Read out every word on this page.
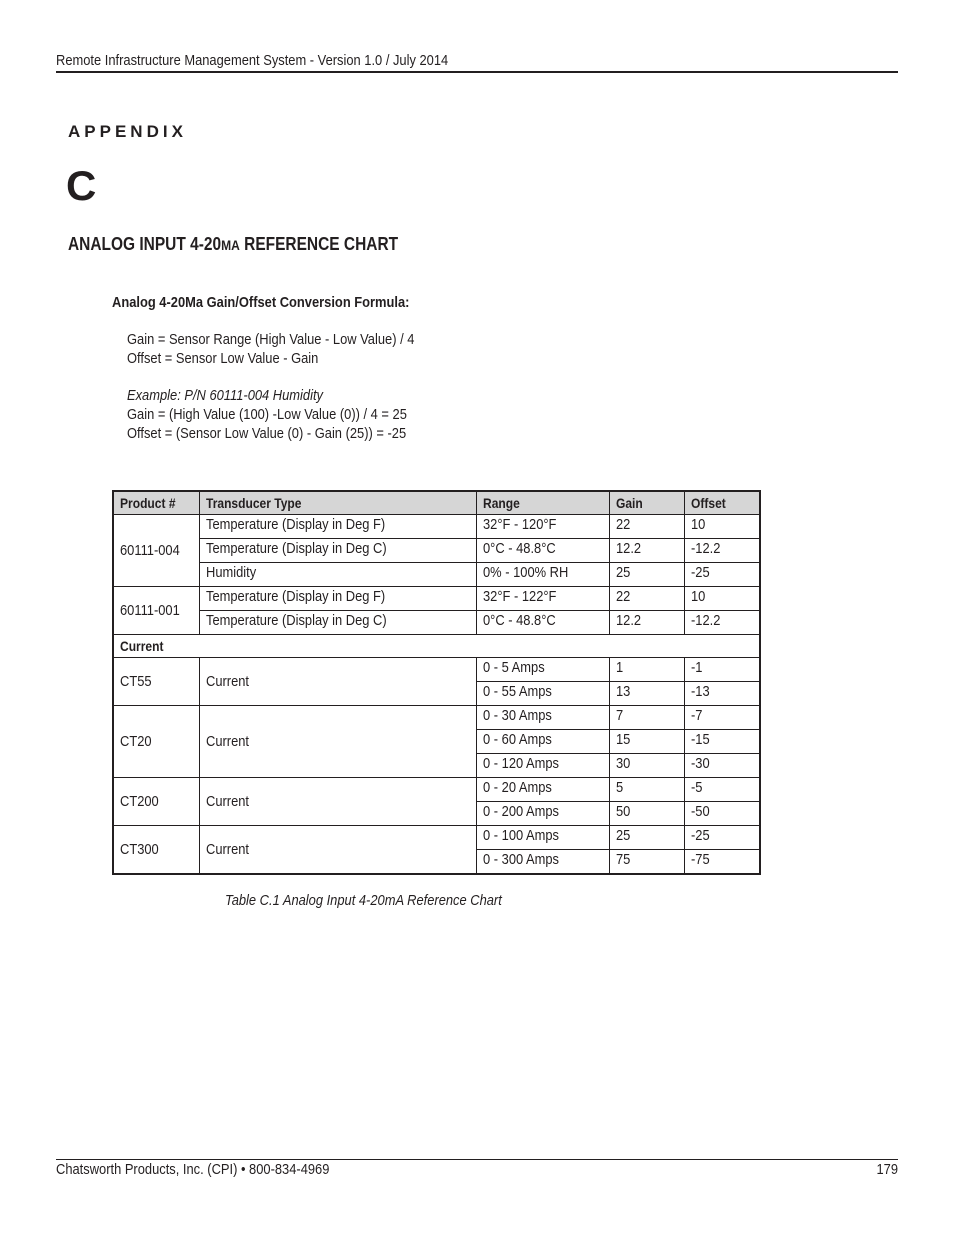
Remote Infrastructure Management System - Version 1.0 / July 2014
APPENDIX
C
ANALOG INPUT 4-20MA REFERENCE CHART
Analog 4-20Ma Gain/Offset Conversion Formula:
Gain = Sensor Range (High Value - Low Value) / 4
Offset = Sensor Low Value - Gain
Example: P/N 60111-004 Humidity
Gain = (High Value (100) -Low Value (0)) / 4 = 25
Offset = (Sensor Low Value (0) - Gain (25)) = -25
Product #	Transducer Type	Range	Gain	Offset
60111-004	Temperature (Display in Deg F)	32°F - 120°F	22	10
	Temperature (Display in Deg C)	0°C - 48.8°C	12.2	-12.2
	Humidity	0% - 100% RH	25	-25
60111-001	Temperature (Display in Deg F)	32°F - 122°F	22	10
	Temperature (Display in Deg C)	0°C - 48.8°C	12.2	-12.2
Current				
CT55	Current	0 - 5 Amps	1	-1
		0 - 55 Amps	13	-13
CT20	Current	0 - 30 Amps	7	-7
		0 - 60 Amps	15	-15
		0 - 120 Amps	30	-30
CT200	Current	0 - 20 Amps	5	-5
		0 - 200 Amps	50	-50
CT300	Current	0 - 100 Amps	25	-25
		0 - 300 Amps	75	-75
Table C.1 Analog Input 4-20mA Reference Chart
Chatsworth Products, Inc. (CPI) • 800-834-4969	179
